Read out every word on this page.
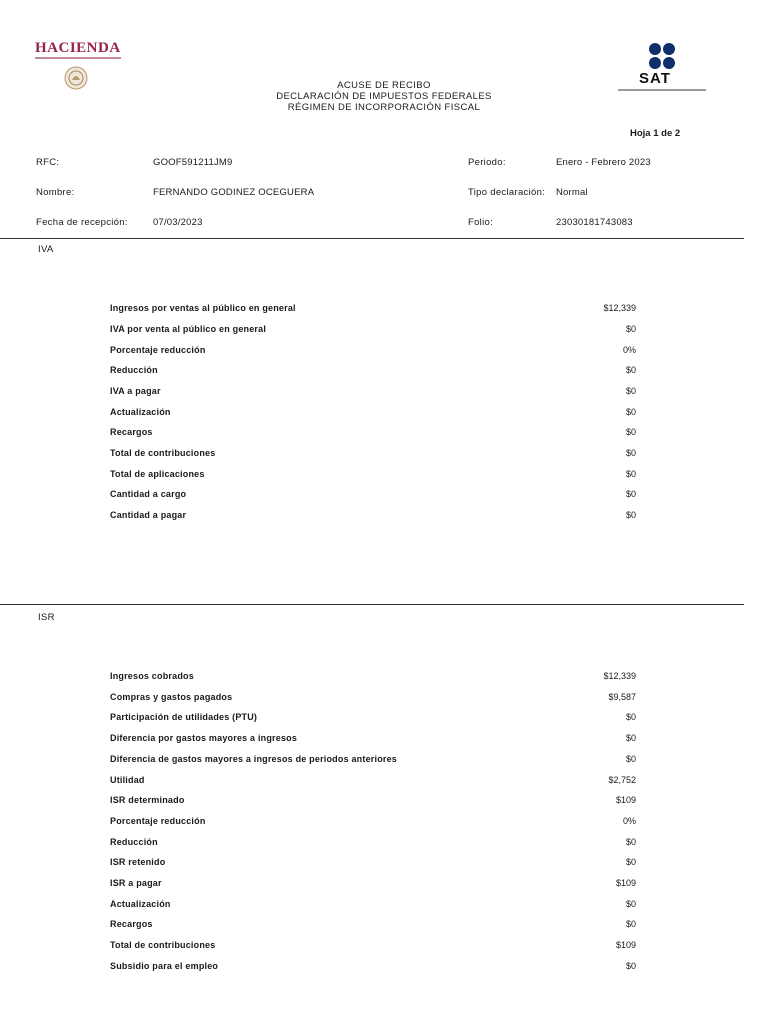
HACIENDA
SAT
ACUSE DE RECIBO
DECLARACIÓN DE IMPUESTOS FEDERALES
RÉGIMEN DE INCORPORACIÓN FISCAL
Hoja 1 de 2
RFC:	GOOF591211JM9	Periodo:	Enero - Febrero 2023
Nombre:	FERNANDO GODINEZ OCEGUERA	Tipo declaración: Normal
Fecha de recepción:	07/03/2023	Folio:	23030181743083
IVA
Ingresos por ventas al público en general	$12,339
IVA por venta al público en general	$0
Porcentaje reducción	0%
Reducción	$0
IVA a pagar	$0
Actualización	$0
Recargos	$0
Total de contribuciones	$0
Total de aplicaciones	$0
Cantidad a cargo	$0
Cantidad a pagar	$0
ISR
Ingresos cobrados	$12,339
Compras y gastos pagados	$9,587
Participación de utilidades (PTU)	$0
Diferencia por gastos mayores a ingresos	$0
Diferencia de gastos mayores a ingresos de periodos anteriores	$0
Utilidad	$2,752
ISR determinado	$109
Porcentaje reducción	0%
Reducción	$0
ISR retenido	$0
ISR a pagar	$109
Actualización	$0
Recargos	$0
Total de contribuciones	$109
Subsidio para el empleo	$0
